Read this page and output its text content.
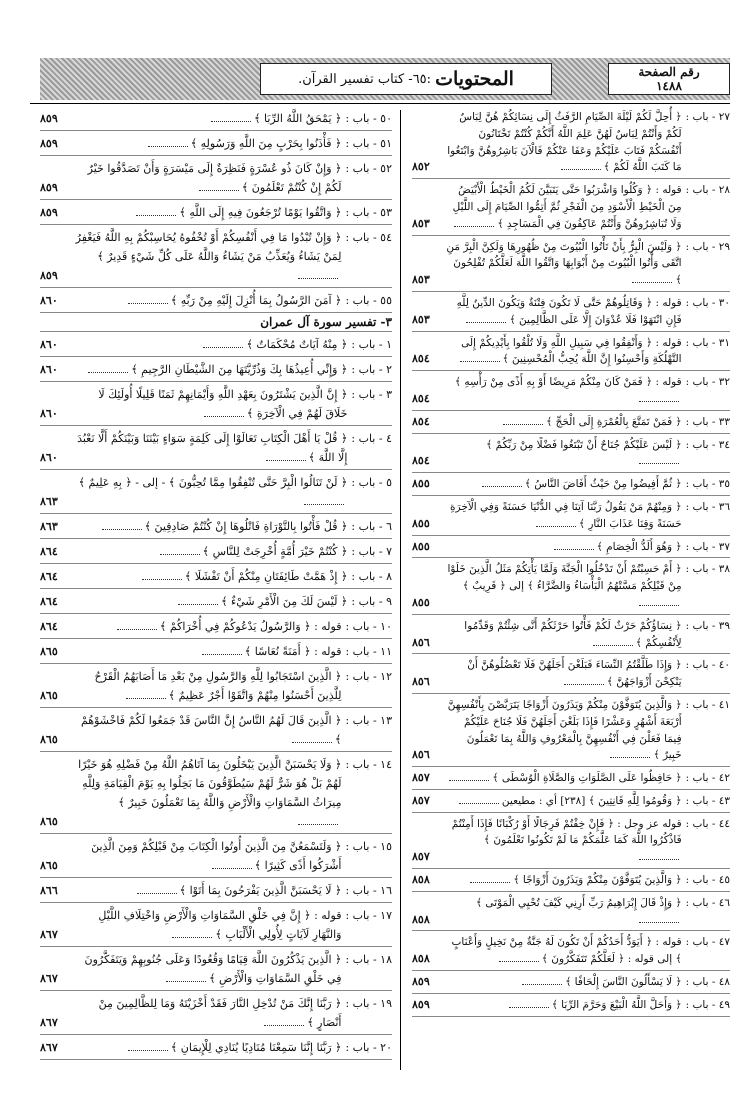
المحتويات
:٦٥- كتاب تفسير القرآن.	رقم الصفحة
١٤٨٨
٢٧ - باب :
﴿ أُحِلَّ لَكُمْ لَيْلَةَ الصِّيَامِ الرَّفَثُ إِلَى نِسَائِكُمْ هُنَّ لِبَاسٌ لَكُمْ وَأَنْتُمْ لِبَاسٌ لَهُنَّ عَلِمَ اللَّهُ أَنَّكُمْ كُنْتُمْ تَخْتَانُونَ أَنْفُسَكُمْ فَتَابَ عَلَيْكُمْ وَعَفَا عَنْكُمْ فَالْآنَ بَاشِرُوهُنَّ وَابْتَغُوا مَا كَتَبَ اللَّهُ لَكُمْ ﴾
٨٥٢
٢٨ - باب :
قوله : ﴿ وَكُلُوا وَاشْرَبُوا حَتَّى يَتَبَيَّنَ لَكُمُ الْخَيْطُ الْأَبْيَضُ مِنَ الْخَيْطِ الْأَسْوَدِ مِنَ الْفَجْرِ ثُمَّ أَتِمُّوا الصِّيَامَ إِلَى اللَّيْلِ وَلَا تُبَاشِرُوهُنَّ وَأَنْتُمْ عَاكِفُونَ فِي الْمَسَاجِدِ ﴾
٨٥٣
٢٩ - باب :
﴿ وَلَيْسَ الْبِرُّ بِأَنْ تَأْتُوا الْبُيُوتَ مِنْ ظُهُورِهَا وَلَكِنَّ الْبِرَّ مَنِ اتَّقَى وَأْتُوا الْبُيُوتَ مِنْ أَبْوَابِهَا وَاتَّقُوا اللَّهَ لَعَلَّكُمْ تُفْلِحُونَ ﴾
٨٥٣
٣٠ - باب :
قوله : ﴿ وَقَاتِلُوهُمْ حَتَّى لَا تَكُونَ فِتْنَةٌ وَيَكُونَ الدِّينُ لِلَّهِ فَإِنِ انْتَهَوْا فَلَا عُدْوَانَ إِلَّا عَلَى الظَّالِمِينَ ﴾
٨٥٣
٣١ - باب :
قوله : ﴿ وَأَنْفِقُوا فِي سَبِيلِ اللَّهِ وَلَا تُلْقُوا بِأَيْدِيكُمْ إِلَى التَّهْلُكَةِ وَأَحْسِنُوا إِنَّ اللَّهَ يُحِبُّ الْمُحْسِنِينَ ﴾
٨٥٤
٣٢ - باب :
قوله : ﴿ فَمَنْ كَانَ مِنْكُمْ مَرِيضًا أَوْ بِهِ أَذًى مِنْ رَأْسِهِ ﴾
٨٥٤
٣٣ - باب :
﴿ فَمَنْ تَمَتَّعَ بِالْعُمْرَةِ إِلَى الْحَجِّ ﴾
٨٥٤
٣٤ - باب :
﴿ لَيْسَ عَلَيْكُمْ جُنَاحٌ أَنْ تَبْتَغُوا فَضْلًا مِنْ رَبِّكُمْ ﴾
٨٥٤
٣٥ - باب :
﴿ ثُمَّ أَفِيضُوا مِنْ حَيْثُ أَفَاضَ النَّاسُ ﴾
٨٥٥
٣٦ - باب :
﴿ وَمِنْهُمْ مَنْ يَقُولُ رَبَّنَا آتِنَا فِي الدُّنْيَا حَسَنَةً وَفِي الْآخِرَةِ حَسَنَةً وَقِنَا عَذَابَ النَّارِ ﴾
٨٥٥
٣٧ - باب :
﴿ وَهُوَ أَلَدُّ الْخِصَامِ ﴾
٨٥٥
٣٨ - باب :
﴿ أَمْ حَسِبْتُمْ أَنْ تَدْخُلُوا الْجَنَّةَ وَلَمَّا يَأْتِكُمْ مَثَلُ الَّذِينَ خَلَوْا مِنْ قَبْلِكُمْ مَسَّتْهُمُ الْبَأْسَاءُ وَالضَّرَّاءُ ﴾ إلى ﴿ قَرِيبٌ ﴾
٨٥٥
٣٩ - باب :
﴿ نِسَاؤُكُمْ حَرْثٌ لَكُمْ فَأْتُوا حَرْثَكُمْ أَنَّى شِئْتُمْ وَقَدِّمُوا لِأَنْفُسِكُمْ ﴾
٨٥٦
٤٠ - باب :
﴿ وَإِذَا طَلَّقْتُمُ النِّسَاءَ فَبَلَغْنَ أَجَلَهُنَّ فَلَا تَعْضُلُوهُنَّ أَنْ يَنْكِحْنَ أَزْوَاجَهُنَّ ﴾
٨٥٦
٤١ - باب :
﴿ وَالَّذِينَ يُتَوَفَّوْنَ مِنْكُمْ وَيَذَرُونَ أَزْوَاجًا يَتَرَبَّصْنَ بِأَنْفُسِهِنَّ أَرْبَعَةَ أَشْهُرٍ وَعَشْرًا فَإِذَا بَلَغْنَ أَجَلَهُنَّ فَلَا جُنَاحَ عَلَيْكُمْ فِيمَا فَعَلْنَ فِي أَنْفُسِهِنَّ بِالْمَعْرُوفِ وَاللَّهُ بِمَا تَعْمَلُونَ خَبِيرٌ ﴾
٨٥٦
٤٢ - باب :
﴿ حَافِظُوا عَلَى الصَّلَوَاتِ وَالصَّلَاةِ الْوُسْطَى ﴾
٨٥٧
٤٣ - باب :
﴿ وَقُومُوا لِلَّهِ قَانِتِينَ ﴾ [٢٣٨] أي : مطيعين
٨٥٧
٤٤ - باب :
قوله عز وجل : ﴿ فَإِنْ خِفْتُمْ فَرِجَالًا أَوْ رُكْبَانًا فَإِذَا أَمِنْتُمْ فَاذْكُرُوا اللَّهَ كَمَا عَلَّمَكُمْ مَا لَمْ تَكُونُوا تَعْلَمُونَ ﴾
٨٥٧
٤٥ - باب :
﴿ وَالَّذِينَ يُتَوَفَّوْنَ مِنْكُمْ وَيَذَرُونَ أَزْوَاجًا ﴾
٨٥٨
٤٦ - باب :
﴿ وَإِذْ قَالَ إِبْرَاهِيمُ رَبِّ أَرِنِي كَيْفَ تُحْيِي الْمَوْتَى ﴾
٨٥٨
٤٧ - باب :
قوله : ﴿ أَيَوَدُّ أَحَدُكُمْ أَنْ تَكُونَ لَهُ جَنَّةٌ مِنْ نَخِيلٍ وَأَعْنَابٍ ﴾ إلى قوله : ﴿ لَعَلَّكُمْ تَتَفَكَّرُونَ ﴾
٨٥٨
٤٨ - باب :
﴿ لَا يَسْأَلُونَ النَّاسَ إِلْحَافًا ﴾
٨٥٩
٤٩ - باب :
﴿ وَأَحَلَّ اللَّهُ الْبَيْعَ وَحَرَّمَ الرِّبَا ﴾
٨٥٩
٥٠ - باب :
﴿ يَمْحَقُ اللَّهُ الرِّبَا ﴾
٨٥٩
٥١ - باب :
﴿ فَأْذَنُوا بِحَرْبٍ مِنَ اللَّهِ وَرَسُولِهِ ﴾
٨٥٩
٥٢ - باب :
﴿ وَإِنْ كَانَ ذُو عُسْرَةٍ فَنَظِرَةٌ إِلَى مَيْسَرَةٍ وَأَنْ تَصَدَّقُوا خَيْرٌ لَكُمْ إِنْ كُنْتُمْ تَعْلَمُونَ ﴾
٨٥٩
٥٣ - باب :
﴿ وَاتَّقُوا يَوْمًا تُرْجَعُونَ فِيهِ إِلَى اللَّهِ ﴾
٨٥٩
٥٤ - باب :
﴿ وَإِنْ تُبْدُوا مَا فِي أَنْفُسِكُمْ أَوْ تُخْفُوهُ يُحَاسِبْكُمْ بِهِ اللَّهُ فَيَغْفِرُ لِمَنْ يَشَاءُ وَيُعَذِّبُ مَنْ يَشَاءُ وَاللَّهُ عَلَى كُلِّ شَيْءٍ قَدِيرٌ ﴾
٨٥٩
٥٥ - باب :
﴿ آمَنَ الرَّسُولُ بِمَا أُنْزِلَ إِلَيْهِ مِنْ رَبِّهِ ﴾
٨٦٠
٣- تفسير سورة آل عمران
١ - باب :
﴿ مِنْهُ آيَاتٌ مُحْكَمَاتٌ ﴾
٨٦٠
٢ - باب :
﴿ وَإِنِّي أُعِيذُهَا بِكَ وَذُرِّيَّتَهَا مِنَ الشَّيْطَانِ الرَّجِيمِ ﴾
٨٦٠
٣ - باب :
﴿ إِنَّ الَّذِينَ يَشْتَرُونَ بِعَهْدِ اللَّهِ وَأَيْمَانِهِمْ ثَمَنًا قَلِيلًا أُولَئِكَ لَا خَلَاقَ لَهُمْ فِي الْآخِرَةِ ﴾
٨٦٠
٤ - باب :
﴿ قُلْ يَا أَهْلَ الْكِتَابِ تَعَالَوْا إِلَى كَلِمَةٍ سَوَاءٍ بَيْنَنَا وَبَيْنَكُمْ أَلَّا نَعْبُدَ إِلَّا اللَّهَ ﴾
٨٦٠
٥ - باب :
﴿ لَنْ تَنَالُوا الْبِرَّ حَتَّى تُنْفِقُوا مِمَّا تُحِبُّونَ ﴾ - إلى - ﴿ بِهِ عَلِيمٌ ﴾
٨٦٣
٦ - باب :
﴿ قُلْ فَأْتُوا بِالتَّوْرَاةِ فَاتْلُوهَا إِنْ كُنْتُمْ صَادِقِينَ ﴾
٨٦٣
٧ - باب :
﴿ كُنْتُمْ خَيْرَ أُمَّةٍ أُخْرِجَتْ لِلنَّاسِ ﴾
٨٦٤
٨ - باب :
﴿ إِذْ هَمَّتْ طَائِفَتَانِ مِنْكُمْ أَنْ تَفْشَلَا ﴾
٨٦٤
٩ - باب :
﴿ لَيْسَ لَكَ مِنَ الْأَمْرِ شَيْءٌ ﴾
٨٦٤
١٠ - باب :
قوله : ﴿ وَالرَّسُولُ يَدْعُوكُمْ فِي أُخْرَاكُمْ ﴾
٨٦٤
١١ - باب :
قوله : ﴿ أَمَنَةً نُعَاسًا ﴾
٨٦٥
١٢ - باب :
﴿ الَّذِينَ اسْتَجَابُوا لِلَّهِ وَالرَّسُولِ مِنْ بَعْدِ مَا أَصَابَهُمُ الْقَرْحُ لِلَّذِينَ أَحْسَنُوا مِنْهُمْ وَاتَّقَوْا أَجْرٌ عَظِيمٌ ﴾
٨٦٥
١٣ - باب :
﴿ الَّذِينَ قَالَ لَهُمُ النَّاسُ إِنَّ النَّاسَ قَدْ جَمَعُوا لَكُمْ فَاخْشَوْهُمْ ﴾
٨٦٥
١٤ - باب :
﴿ وَلَا يَحْسَبَنَّ الَّذِينَ يَبْخَلُونَ بِمَا آتَاهُمُ اللَّهُ مِنْ فَضْلِهِ هُوَ خَيْرًا لَهُمْ بَلْ هُوَ شَرٌّ لَهُمْ سَيُطَوَّقُونَ مَا بَخِلُوا بِهِ يَوْمَ الْقِيَامَةِ وَلِلَّهِ مِيرَاثُ السَّمَاوَاتِ وَالْأَرْضِ وَاللَّهُ بِمَا تَعْمَلُونَ خَبِيرٌ ﴾
٨٦٥
١٥ - باب :
﴿ وَلَتَسْمَعُنَّ مِنَ الَّذِينَ أُوتُوا الْكِتَابَ مِنْ قَبْلِكُمْ وَمِنَ الَّذِينَ أَشْرَكُوا أَذًى كَثِيرًا ﴾
٨٦٥
١٦ - باب :
﴿ لَا يَحْسَبَنَّ الَّذِينَ يَفْرَحُونَ بِمَا أَتَوْا ﴾
٨٦٦
١٧ - باب :
قوله : ﴿ إِنَّ فِي خَلْقِ السَّمَاوَاتِ وَالْأَرْضِ وَاخْتِلَافِ اللَّيْلِ وَالنَّهَارِ لَآيَاتٍ لِأُولِي الْأَلْبَابِ ﴾
٨٦٧
١٨ - باب :
﴿ الَّذِينَ يَذْكُرُونَ اللَّهَ قِيَامًا وَقُعُودًا وَعَلَى جُنُوبِهِمْ وَيَتَفَكَّرُونَ فِي خَلْقِ السَّمَاوَاتِ وَالْأَرْضِ ﴾
٨٦٧
١٩ - باب :
﴿ رَبَّنَا إِنَّكَ مَنْ تُدْخِلِ النَّارَ فَقَدْ أَخْزَيْتَهُ وَمَا لِلظَّالِمِينَ مِنْ أَنْصَارٍ ﴾
٨٦٧
٢٠ - باب :
﴿ رَبَّنَا إِنَّنَا سَمِعْنَا مُنَادِيًا يُنَادِي لِلْإِيمَانِ ﴾
٨٦٧
